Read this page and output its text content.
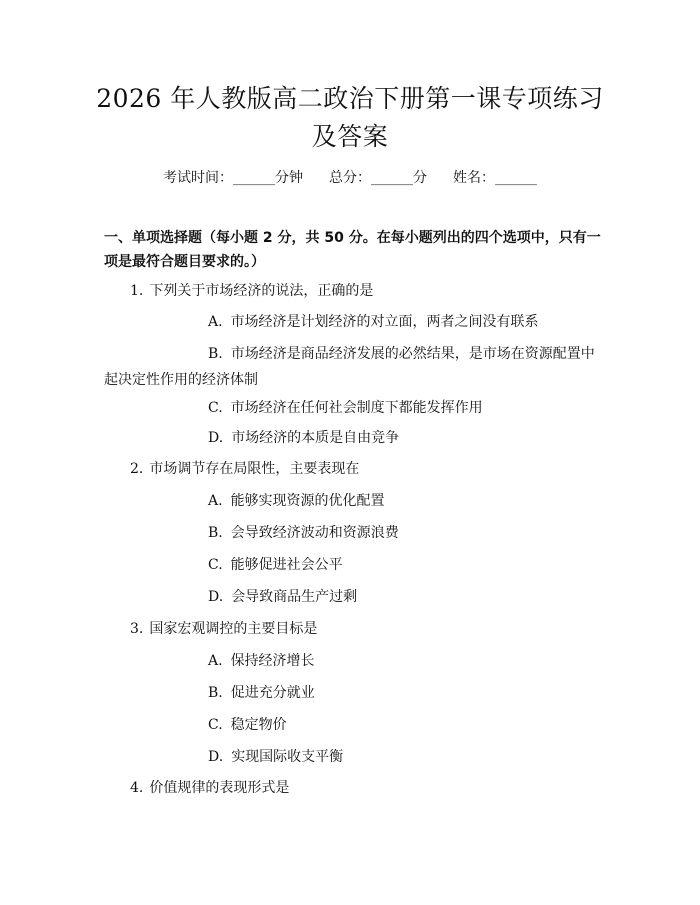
2026 年人教版高二政治下册第一课专项练习及答案
考试时间：______分钟 总分：______分 姓名：______
一、单项选择题（每小题 2 分，共 50 分。在每小题列出的四个选项中，只有一项是最符合题目要求的。）
1. 下列关于市场经济的说法，正确的是
A. 市场经济是计划经济的对立面，两者之间没有联系
B. 市场经济是商品经济发展的必然结果，是市场在资源配置中起决定性作用的经济体制
C. 市场经济在任何社会制度下都能发挥作用
D. 市场经济的本质是自由竞争
2. 市场调节存在局限性，主要表现在
A. 能够实现资源的优化配置
B. 会导致经济波动和资源浪费
C. 能够促进社会公平
D. 会导致商品生产过剩
3. 国家宏观调控的主要目标是
A. 保持经济增长
B. 促进充分就业
C. 稳定物价
D. 实现国际收支平衡
4. 价值规律的表现形式是
